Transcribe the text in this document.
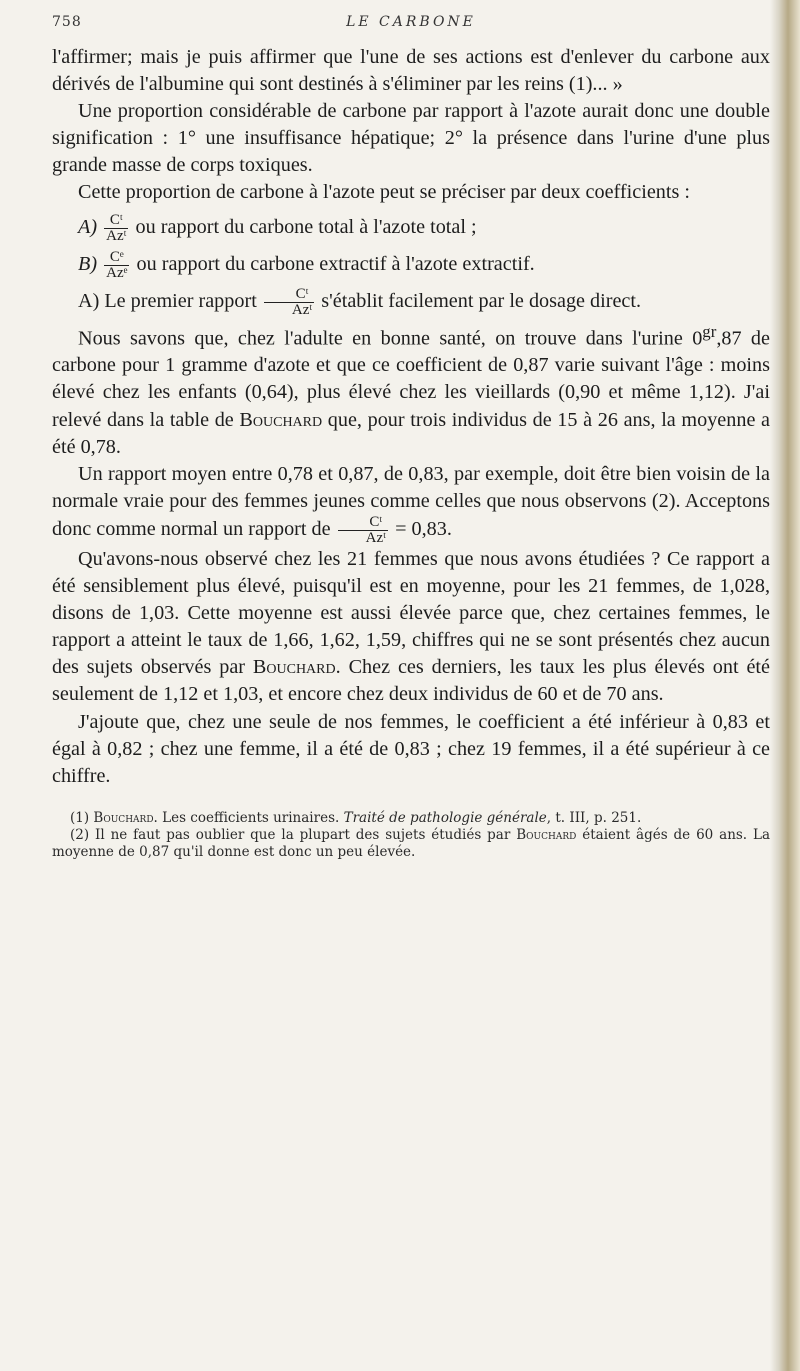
758	LE CARBONE

l'affirmer; mais je puis affirmer que l'une de ses actions est d'enlever du carbone aux dérivés de l'albumine qui sont destinés à s'éliminer par les reins (1)... »

Une proportion considérable de carbone par rapport à l'azote aurait donc une double signification : 1° une insuffisance hépatique; 2° la présence dans l'urine d'une plus grande masse de corps toxiques.

Cette proportion de carbone à l'azote peut se préciser par deux coefficients :

$A) \frac{\text{Cᵗ}}{\text{Azᵗ}}$ ou rapport du carbone total à l'azote total ;
$B) \frac{\text{Cᵉ}}{\text{Azᵉ}}$ ou rapport du carbone extractif à l'azote extractif.

A) Le premier rapport $\frac{\text{Cᵗ}}{\text{Azᵗ}}$ s'établit facilement par le dosage direct.

Nous savons que, chez l'adulte en bonne santé, on trouve dans l'urine $0^{gr},87$ de carbone pour 1 gramme d'azote et que ce coefficient de 0,87 varie suivant l'âge : moins élevé chez les enfants (0,64), plus élevé chez les vieillards (0,90 et même 1,12). J'ai relevé dans la table de Bouchard que, pour trois individus de 15 à 26 ans, la moyenne a été 0,78.

Un rapport moyen entre 0,78 et 0,87, de 0,83, par exemple, doit être bien voisin de la normale vraie pour des femmes jeunes comme celles que nous observons (2). Acceptons donc comme normal un rapport de $\frac{\text{Cᵗ}}{\text{Azᵗ}} = 0,83$.

Qu'avons-nous observé chez les 21 femmes que nous avons étudiées ? Ce rapport a été sensiblement plus élevé, puisqu'il est en moyenne, pour les 21 femmes, de 1,028, disons de 1,03. Cette moyenne est aussi élevée parce que, chez certaines femmes, le rapport a atteint le taux de 1,66, 1,62, 1,59, chiffres qui ne se sont présentés chez aucun des sujets observés par Bouchard. Chez ces derniers, les taux les plus élevés ont été seulement de 1,12 et 1,03, et encore chez deux individus de 60 et de 70 ans.

J'ajoute que, chez une seule de nos femmes, le coefficient a été inférieur à 0,83 et égal à 0,82 ; chez une femme, il a été de 0,83 ; chez 19 femmes, il a été supérieur à ce chiffre.

(1) Bouchard. Les coefficients urinaires. Traité de pathologie générale, t. III, p. 251.

(2) Il ne faut pas oublier que la plupart des sujets étudiés par Bouchard étaient âgés de 60 ans. La moyenne de 0,87 qu'il donne est donc un peu élevée.
